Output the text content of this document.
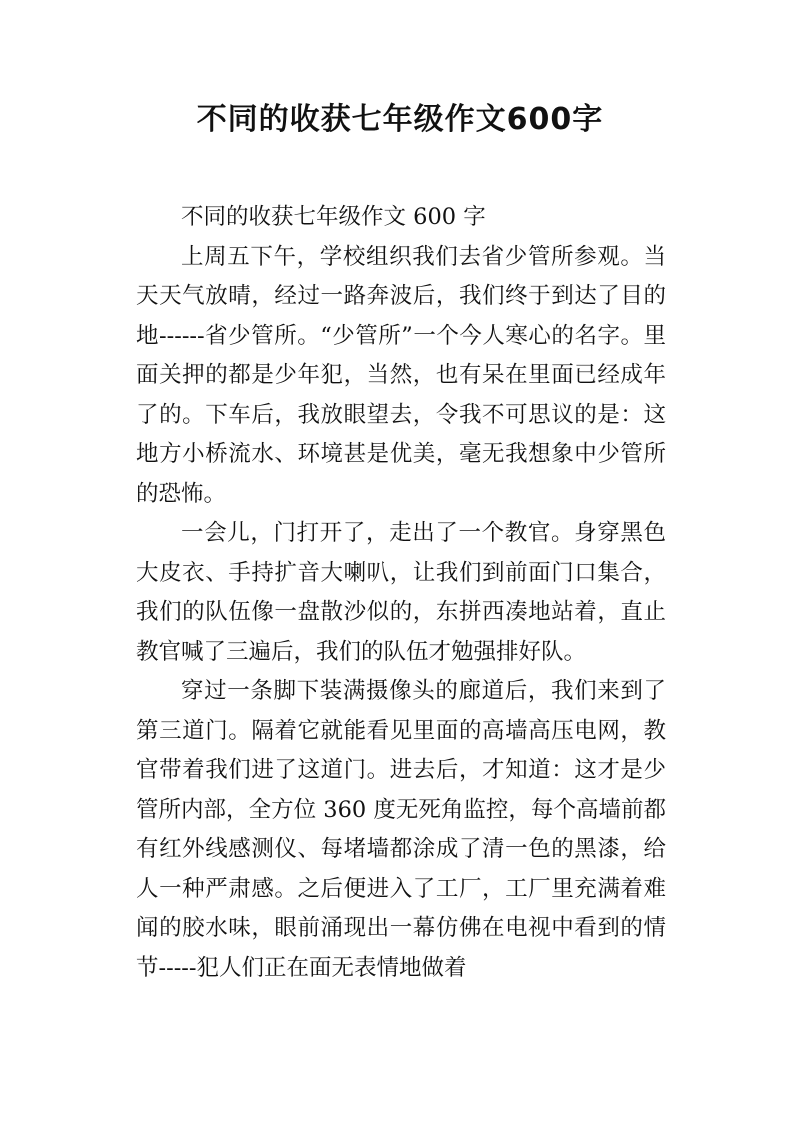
不同的收获七年级作文600字

不同的收获七年级作文 600 字

上周五下午，学校组织我们去省少管所参观。当天天气放晴，经过一路奔波后，我们终于到达了目的地------省少管所。“少管所”一个今人寒心的名字。里面关押的都是少年犯，当然，也有呆在里面已经成年了的。下车后，我放眼望去，令我不可思议的是：这地方小桥流水、环境甚是优美，毫无我想象中少管所的恐怖。

一会儿，门打开了，走出了一个教官。身穿黑色大皮衣、手持扩音大喇叭，让我们到前面门口集合，我们的队伍像一盘散沙似的，东拼西凑地站着，直止教官喊了三遍后，我们的队伍才勉强排好队。

穿过一条脚下装满摄像头的廊道后，我们来到了第三道门。隔着它就能看见里面的高墙高压电网，教官带着我们进了这道门。进去后，才知道：这才是少管所内部，全方位 360 度无死角监控，每个高墙前都有红外线感测仪、每堵墙都涂成了清一色的黑漆，给人一种严肃感。之后便进入了工厂，工厂里充满着难闻的胶水味，眼前涌现出一幕仿佛在电视中看到的情节-----犯人们正在面无表情地做着
